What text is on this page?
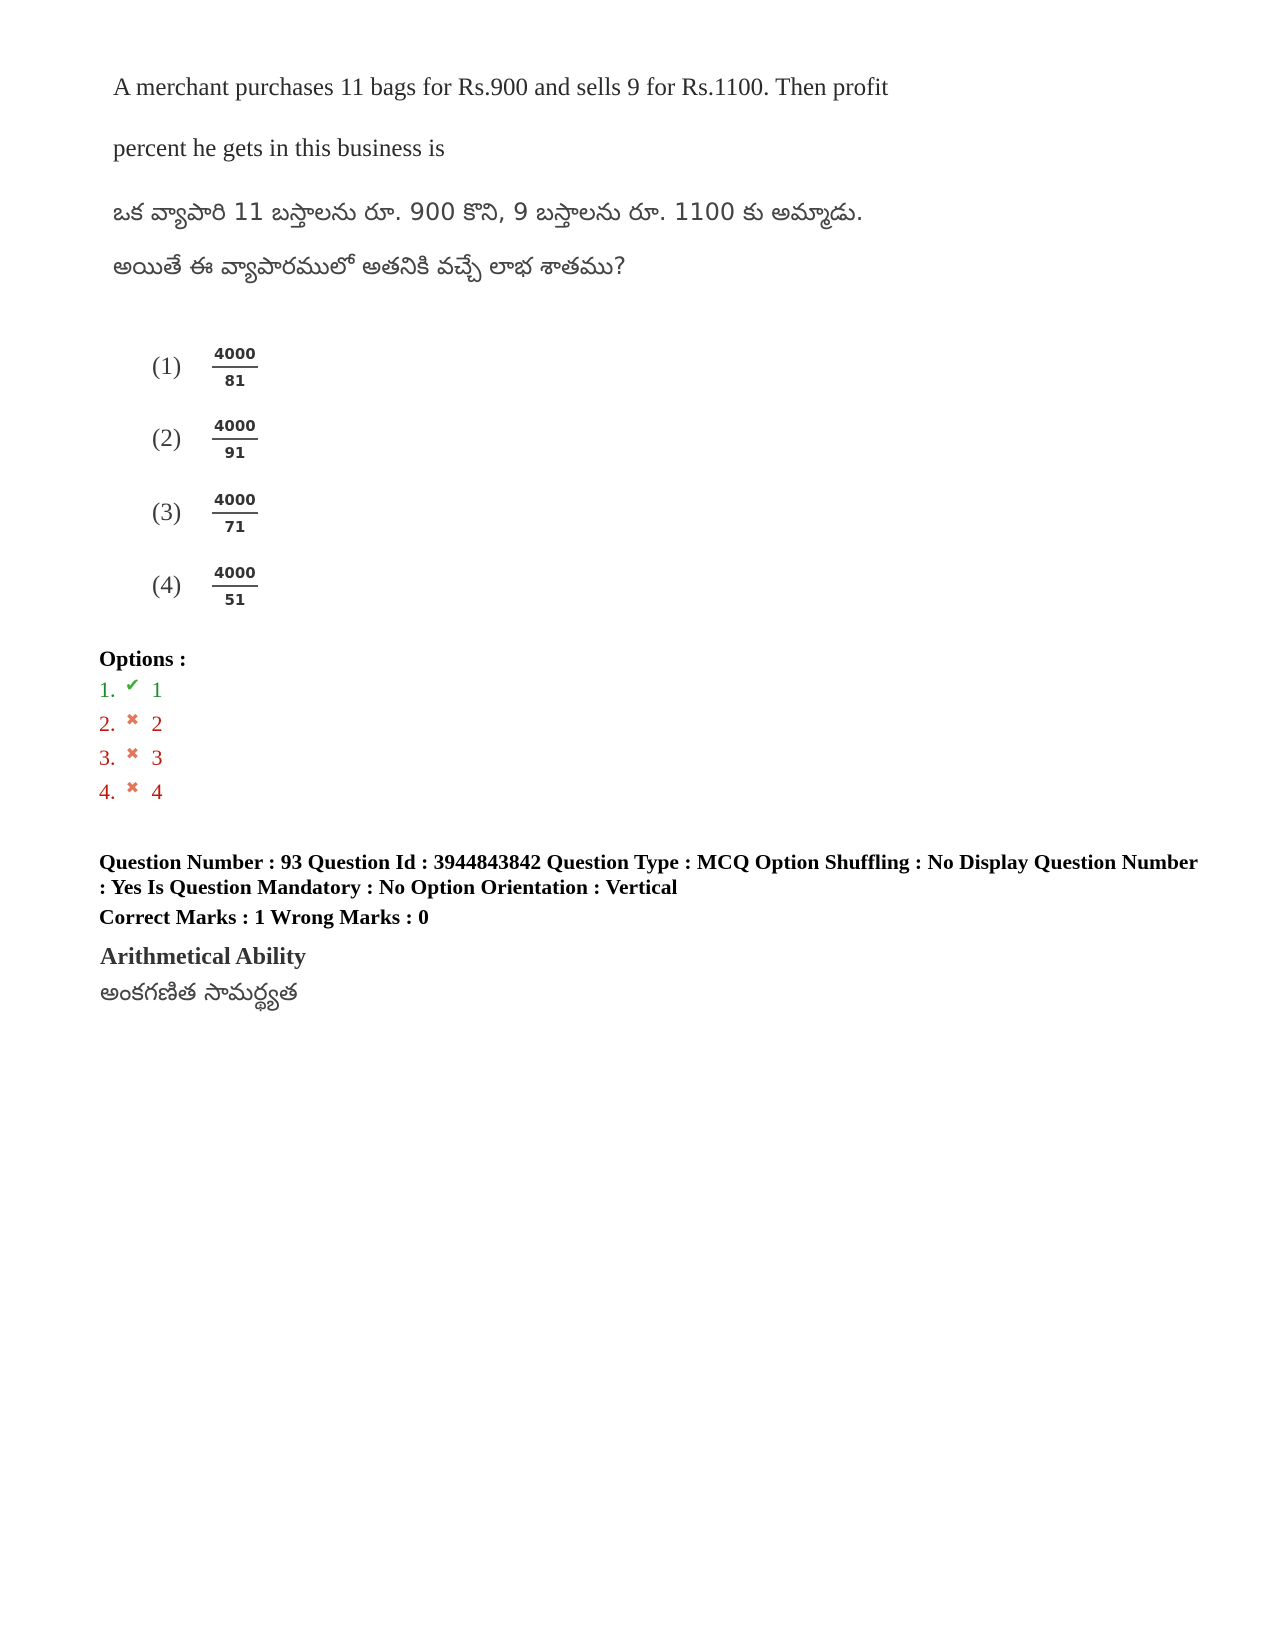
A merchant purchases 11 bags for Rs.900 and sells 9 for Rs.1100. Then profit
percent he gets in this business is
ఒక వ్యాపారి 11 బస్తాలను రూ. 900 కొని, 9 బస్తాలను రూ. 1100 కు అమ్మాడు.
అయితే ఈ వ్యాపారములో అతనికి వచ్చే లాభ శాతము?
(1)	$\frac{4000}{81}$
(2)	$\frac{4000}{91}$
(3)	$\frac{4000}{71}$
(4)	$\frac{4000}{51}$
Options :
1. ✔ 1
2. ✖ 2
3. ✖ 3
4. ✖ 4
Question Number : 93 Question Id : 3944843842 Question Type : MCQ Option Shuffling : No Display Question Number : Yes Is Question Mandatory : No Option Orientation : Vertical
Correct Marks : 1 Wrong Marks : 0
Arithmetical Ability
అంకగణిత సామర్థ్యత
